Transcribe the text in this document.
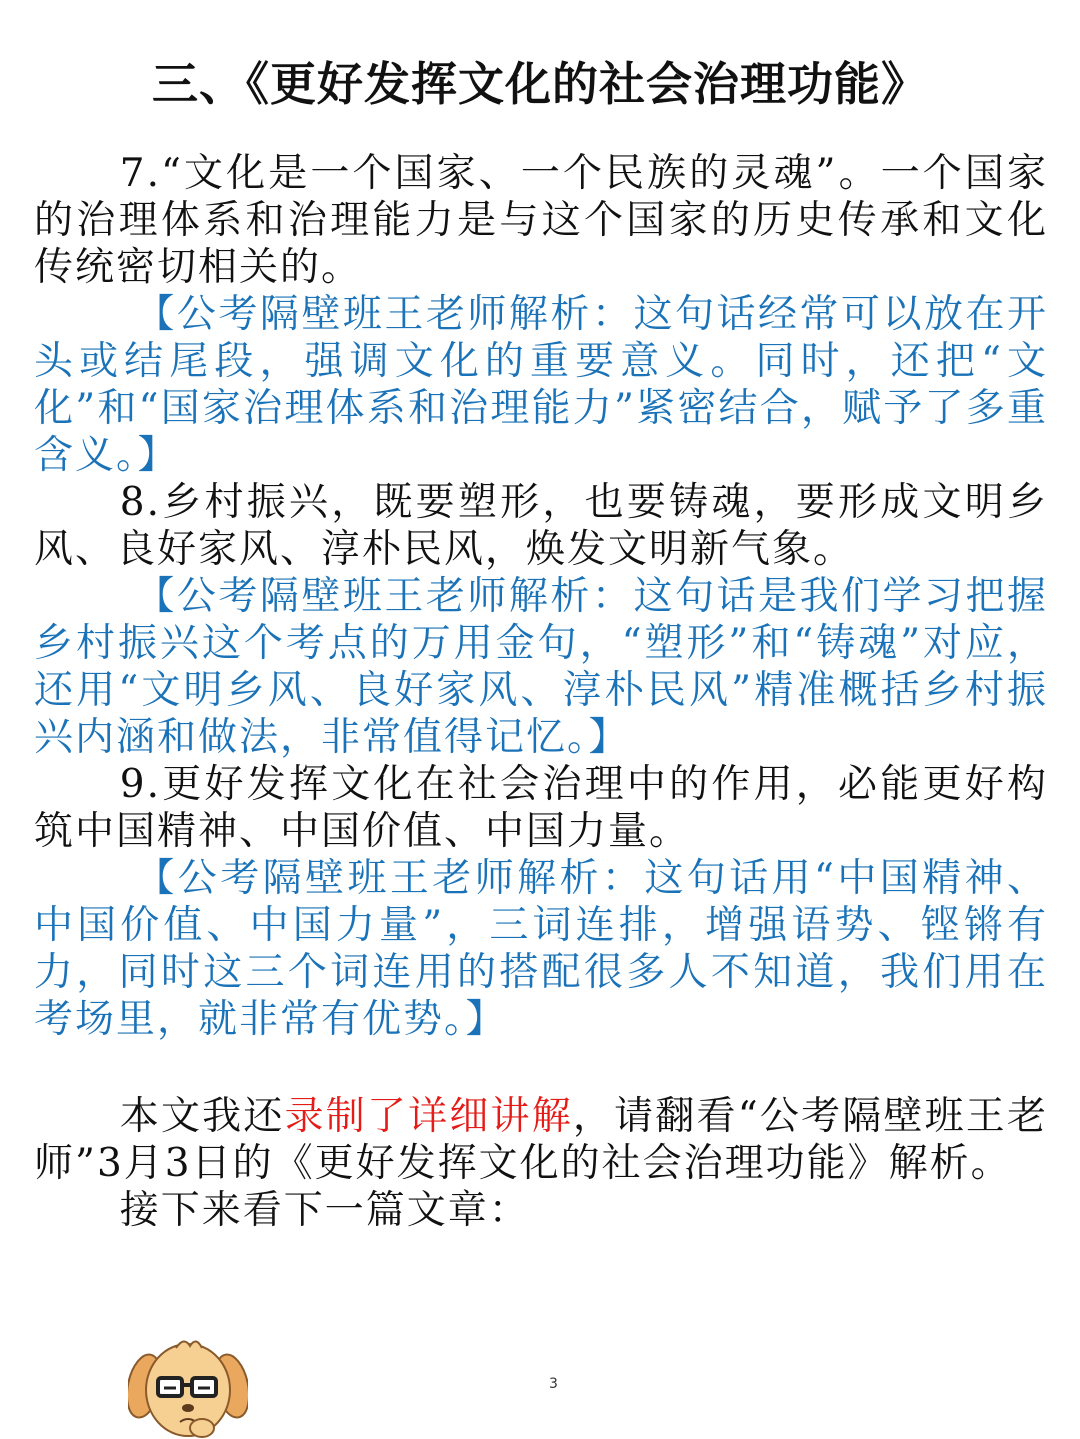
三、《更好发挥文化的社会治理功能》

7.“文化是一个国家、一个民族的灵魂”。一个国家的治理体系和治理能力是与这个国家的历史传承和文化传统密切相关的。

【公考隔壁班王老师解析：这句话经常可以放在开头或结尾段，强调文化的重要意义。同时，还把“文化”和“国家治理体系和治理能力”紧密结合，赋予了多重含义。】

8.乡村振兴，既要塑形，也要铸魂，要形成文明乡风、良好家风、淳朴民风，焕发文明新气象。

【公考隔壁班王老师解析：这句话是我们学习把握乡村振兴这个考点的万用金句，“塑形”和“铸魂”对应，还用“文明乡风、良好家风、淳朴民风”精准概括乡村振兴内涵和做法，非常值得记忆。】

9.更好发挥文化在社会治理中的作用，必能更好构筑中国精神、中国价值、中国力量。

【公考隔壁班王老师解析：这句话用“中国精神、中国价值、中国力量”，三词连排，增强语势、铿锵有力，同时这三个词连用的搭配很多人不知道，我们用在考场里，就非常有优势。】

本文我还录制了详细讲解，请翻看“公考隔壁班王老师”3月3日的《更好发挥文化的社会治理功能》解析。

接下来看下一篇文章：

3
